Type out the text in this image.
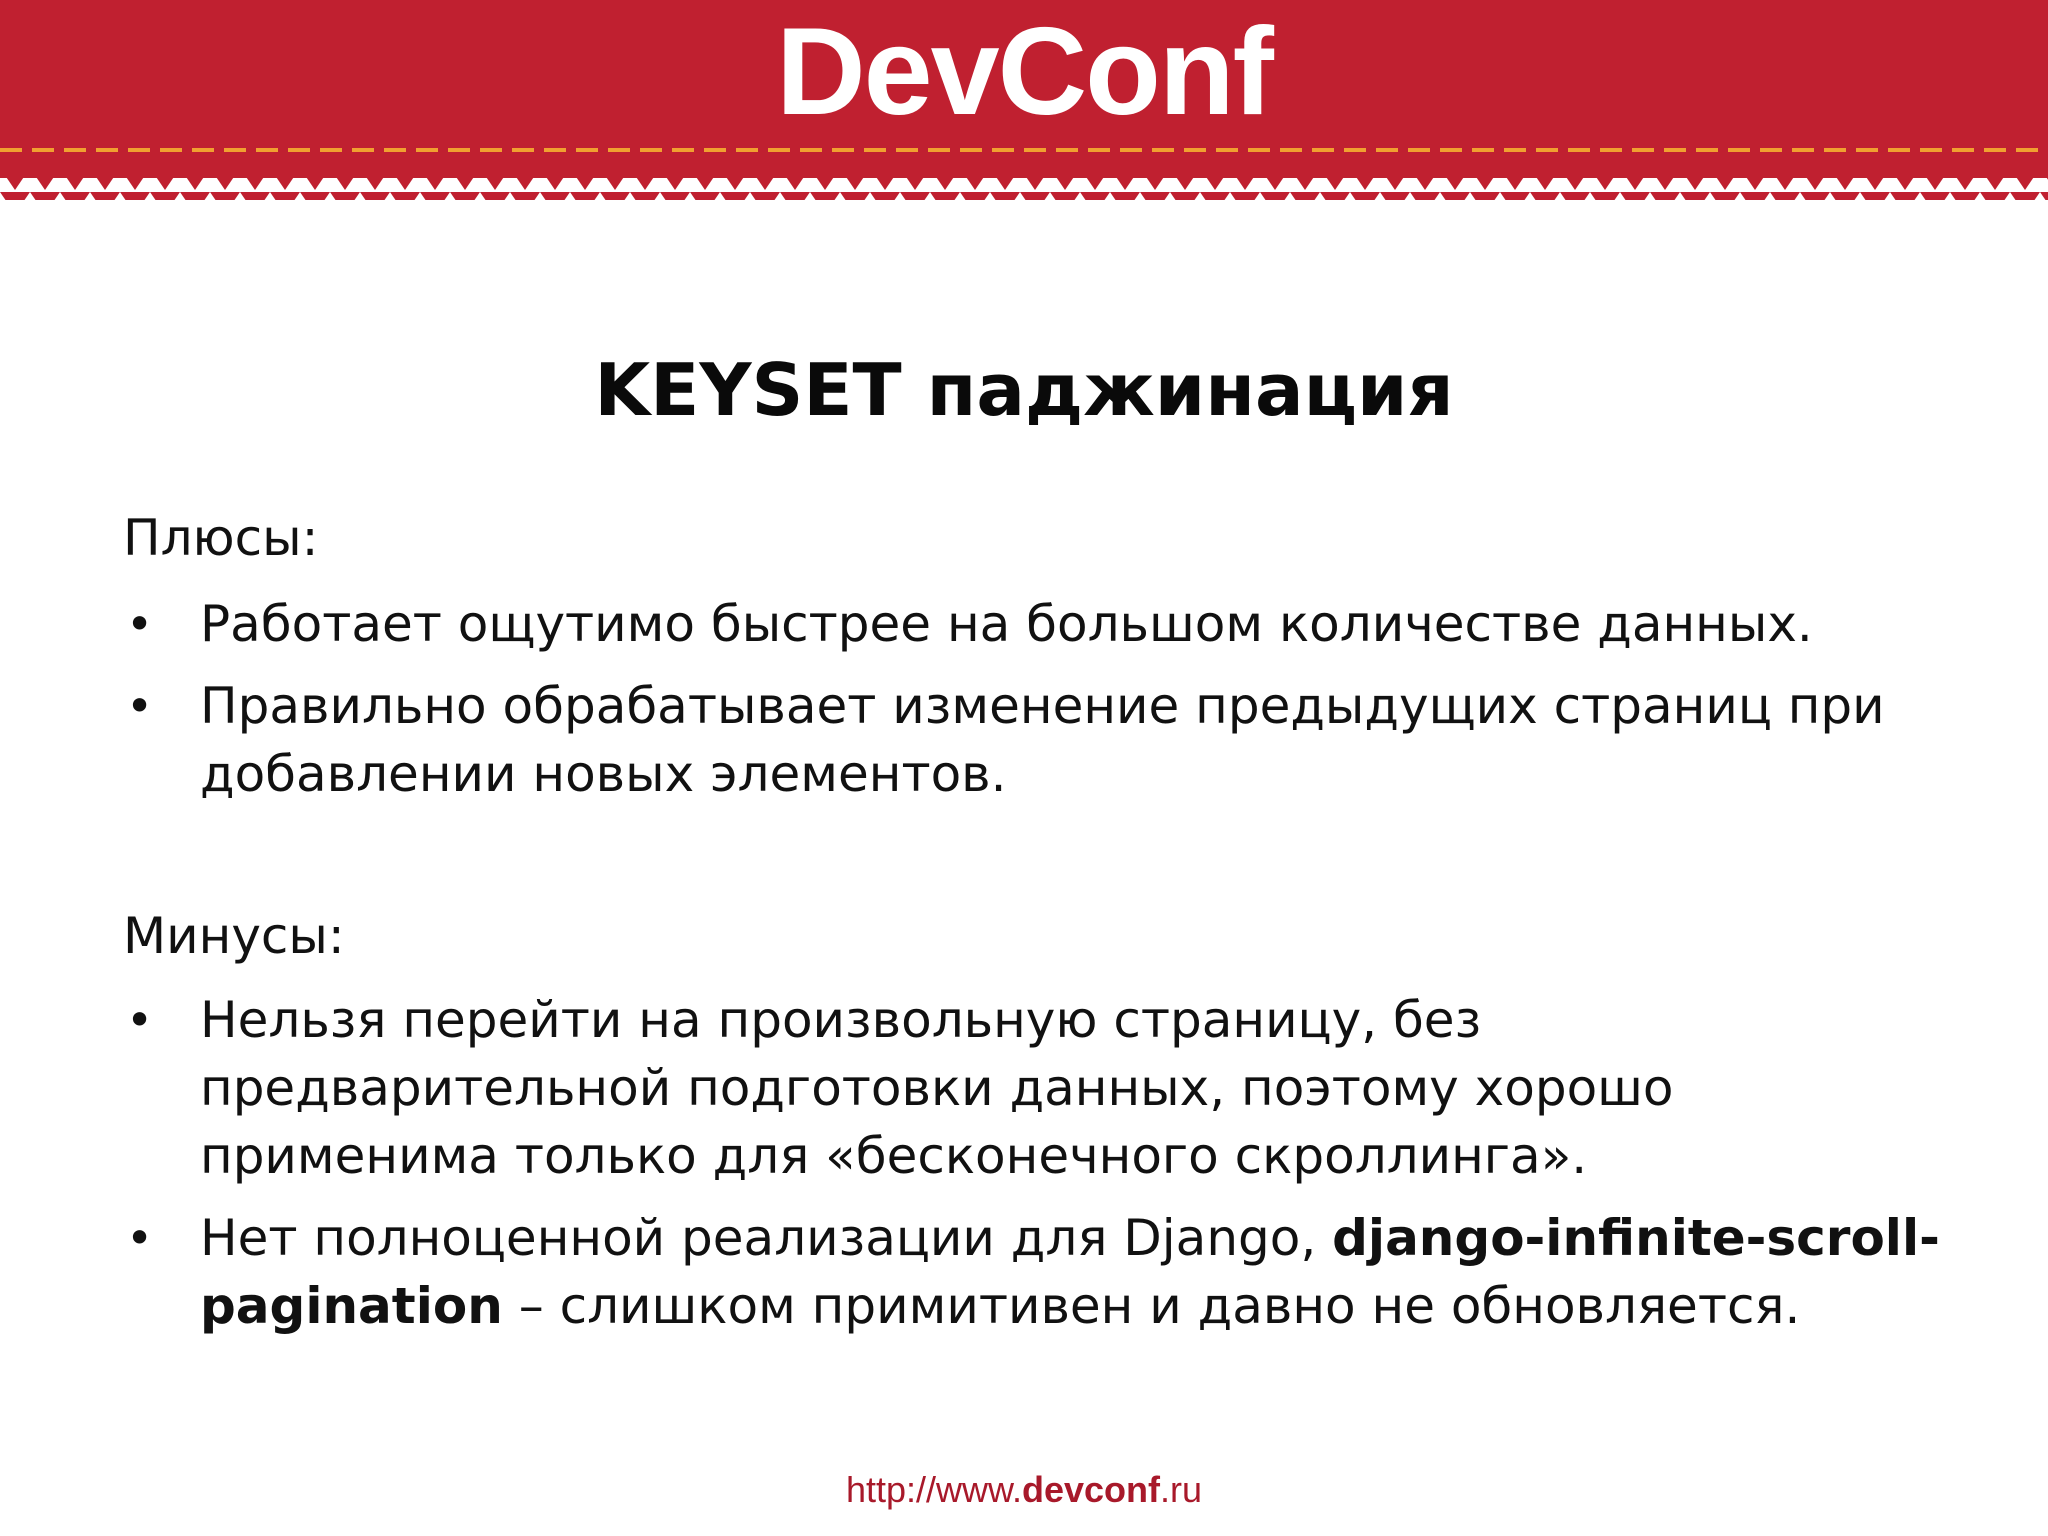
DevConf
KEYSET паджинация
Плюсы:
• Работает ощутимо быстрее на большом количестве данных.
• Правильно обрабатывает изменение предыдущих страниц при
добавлении новых элементов.
Минусы:
• Нельзя перейти на произвольную страницу, без
предварительной подготовки данных, поэтому хорошо
применима только для «бесконечного скроллинга».
• Нет полноценной реализации для Django, django-infinite-scroll-
pagination – слишком примитивен и давно не обновляется.
http://www.devconf.ru
